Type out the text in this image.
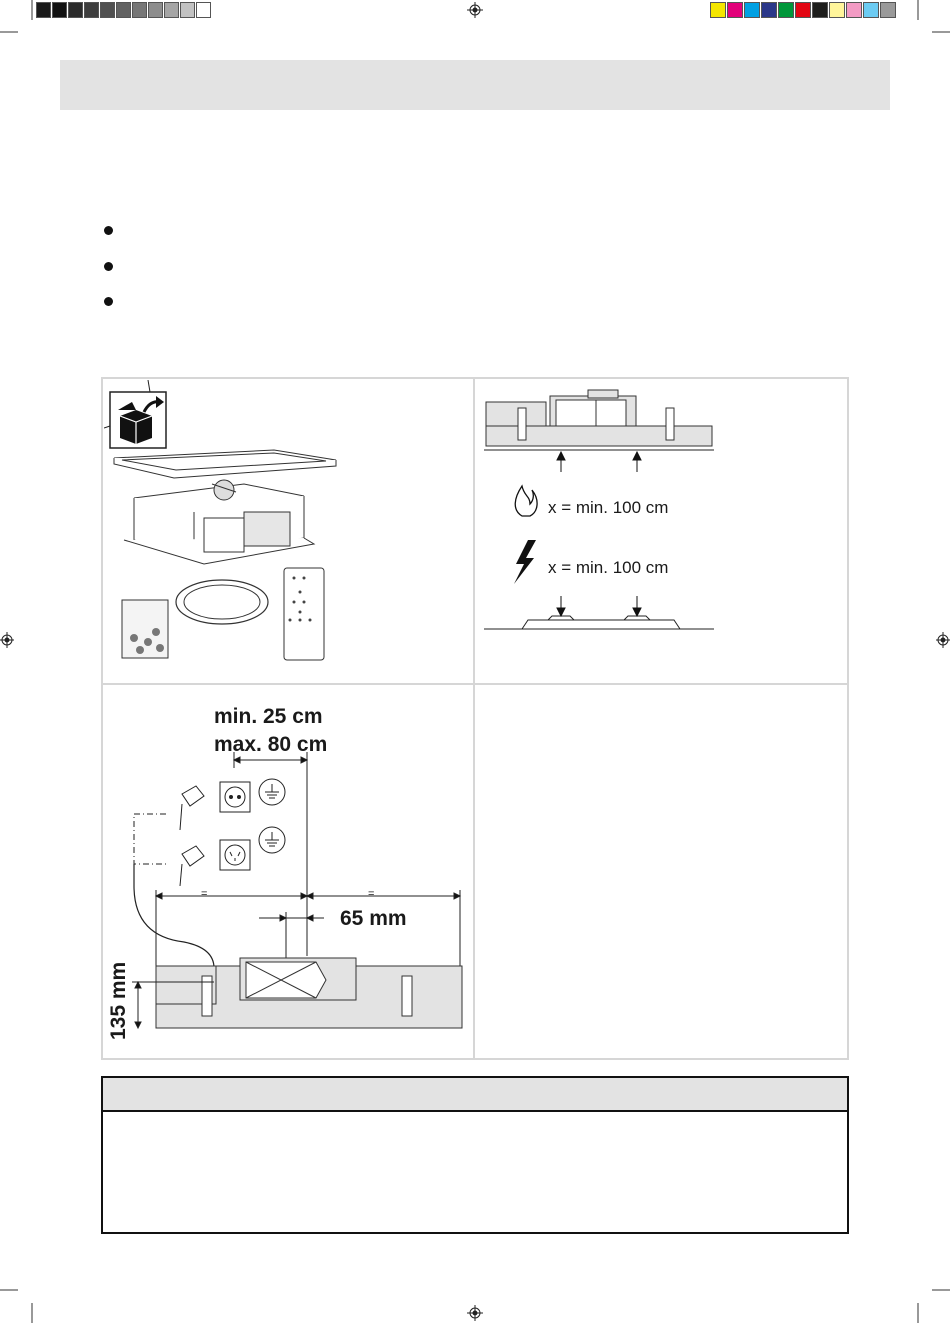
x = min. 100 cm
x = min. 100 cm
min. 25 cm
max. 80 cm
=	=
65 mm
135 mm
